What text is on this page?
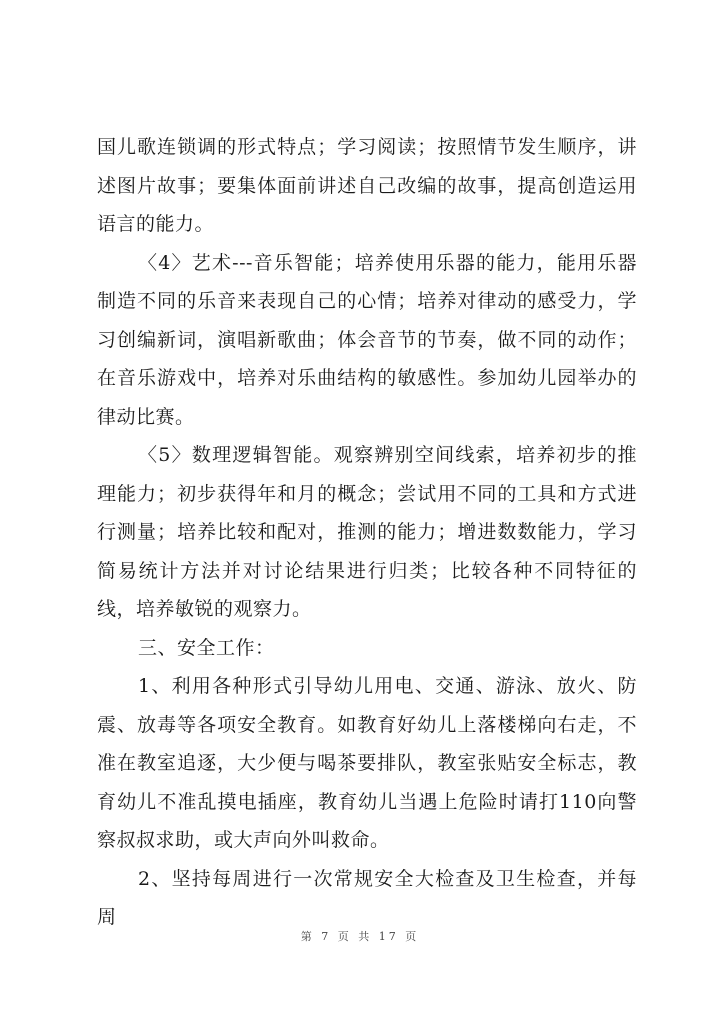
国儿歌连锁调的形式特点；学习阅读；按照情节发生顺序，讲述图片故事；要集体面前讲述自己改编的故事，提高创造运用语言的能力。

〈4〉艺术---音乐智能；培养使用乐器的能力，能用乐器制造不同的乐音来表现自己的心情；培养对律动的感受力，学习创编新词，演唱新歌曲；体会音节的节奏，做不同的动作；在音乐游戏中，培养对乐曲结构的敏感性。参加幼儿园举办的律动比赛。

〈5〉数理逻辑智能。观察辨别空间线索，培养初步的推理能力；初步获得年和月的概念；尝试用不同的工具和方式进行测量；培养比较和配对，推测的能力；增进数数能力，学习简易统计方法并对讨论结果进行归类；比较各种不同特征的线，培养敏锐的观察力。

三、安全工作：

1、利用各种形式引导幼儿用电、交通、游泳、放火、防震、放毒等各项安全教育。如教育好幼儿上落楼梯向右走，不准在教室追逐，大少便与喝茶要排队，教室张贴安全标志，教育幼儿不准乱摸电插座，教育幼儿当遇上危险时请打110向警察叔叔求助，或大声向外叫救命。

2、坚持每周进行一次常规安全大检查及卫生检查，并每周

第 7 页 共 17 页
